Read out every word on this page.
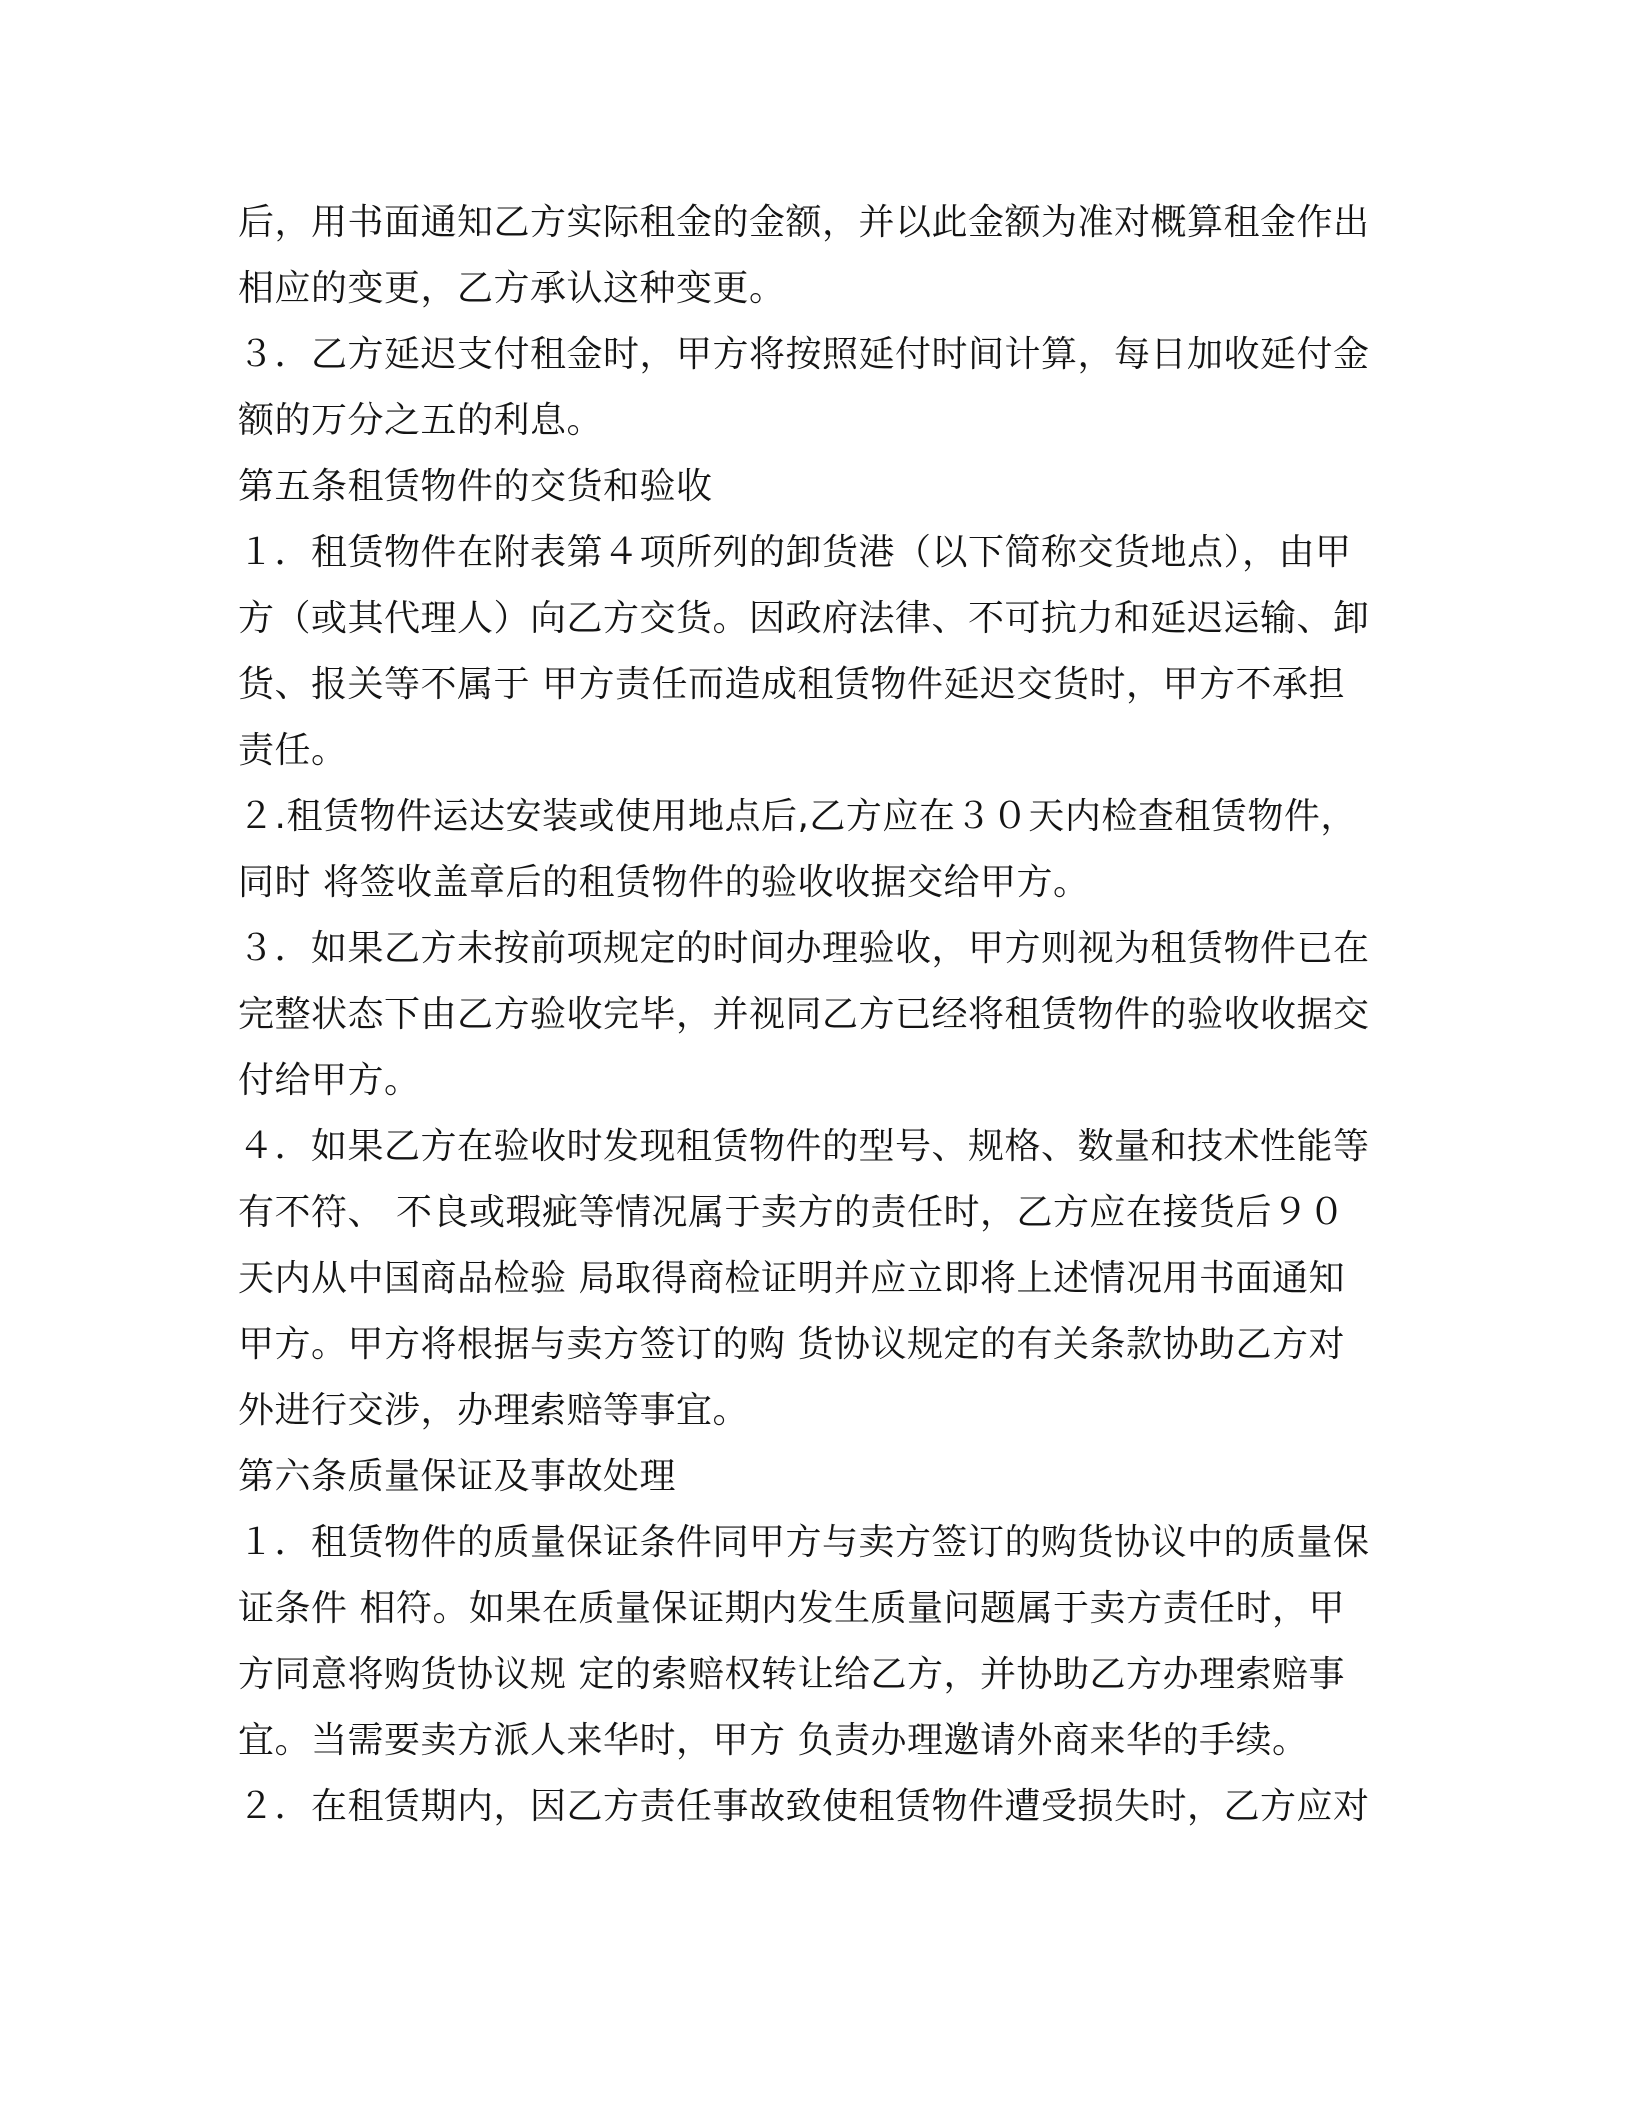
后，用书面通知乙方实际租金的金额，并以此金额为准对概算租金作出
相应的变更，乙方承认这种变更。
３．乙方延迟支付租金时，甲方将按照延付时间计算，每日加收延付金
额的万分之五的利息。
第五条租赁物件的交货和验收
１．租赁物件在附表第４项所列的卸货港（以下简称交货地点），由甲
方（或其代理人）向乙方交货。因政府法律、不可抗力和延迟运输、卸
货、报关等不属于 甲方责任而造成租赁物件延迟交货时，甲方不承担
责任。
２.租赁物件运达安装或使用地点后,乙方应在３０天内检查租赁物件，
同时 将签收盖章后的租赁物件的验收收据交给甲方。
３．如果乙方未按前项规定的时间办理验收，甲方则视为租赁物件已在
完整状态下由乙方验收完毕，并视同乙方已经将租赁物件的验收收据交
付给甲方。
４．如果乙方在验收时发现租赁物件的型号、规格、数量和技术性能等
有不符、 不良或瑕疵等情况属于卖方的责任时，乙方应在接货后９０
天内从中国商品检验 局取得商检证明并应立即将上述情况用书面通知
甲方。甲方将根据与卖方签订的购 货协议规定的有关条款协助乙方对
外进行交涉，办理索赔等事宜。
第六条质量保证及事故处理
１．租赁物件的质量保证条件同甲方与卖方签订的购货协议中的质量保
证条件 相符。如果在质量保证期内发生质量问题属于卖方责任时，甲
方同意将购货协议规 定的索赔权转让给乙方，并协助乙方办理索赔事
宜。当需要卖方派人来华时，甲方 负责办理邀请外商来华的手续。
２．在租赁期内，因乙方责任事故致使租赁物件遭受损失时，乙方应对
